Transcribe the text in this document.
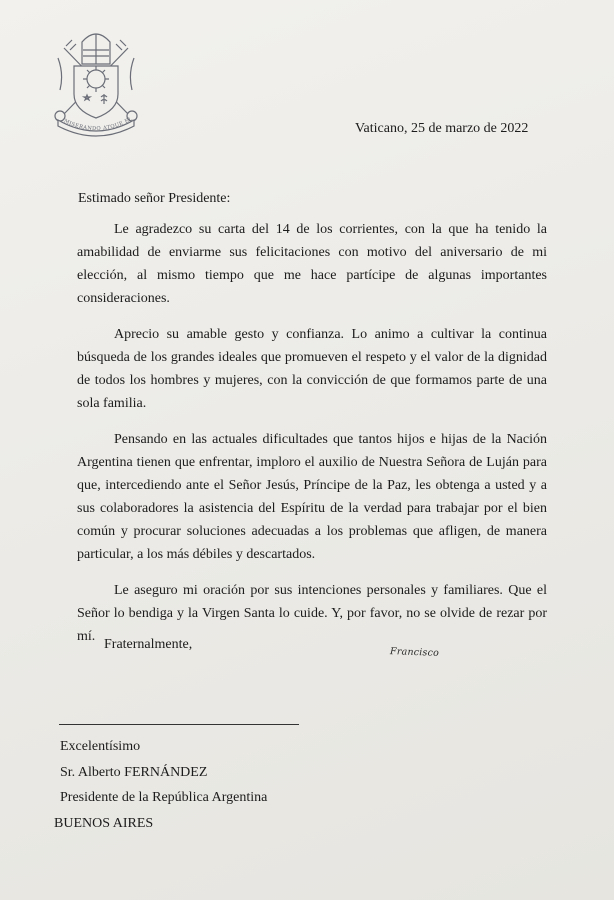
MISERANDO ATQUE EL
Vaticano, 25 de marzo de 2022
Estimado señor Presidente:

Le agradezco su carta del 14 de los corrientes, con la que ha tenido la amabilidad de enviarme sus felicitaciones con motivo del aniversario de mi elección, al mismo tiempo que me hace partícipe de algunas importantes consideraciones.

Aprecio su amable gesto y confianza. Lo animo a cultivar la continua búsqueda de los grandes ideales que promueven el respeto y el valor de la dignidad de todos los hombres y mujeres, con la convicción de que formamos parte de una sola familia.

Pensando en las actuales dificultades que tantos hijos e hijas de la Nación Argentina tienen que enfrentar, imploro el auxilio de Nuestra Señora de Luján para que, intercediendo ante el Señor Jesús, Príncipe de la Paz, les obtenga a usted y a sus colaboradores la asistencia del Espíritu de la verdad para trabajar por el bien común y procurar soluciones adecuadas a los problemas que afligen, de manera particular, a los más débiles y descartados.

Le aseguro mi oración por sus intenciones personales y familiares. Que el Señor lo bendiga y la Virgen Santa lo cuide. Y, por favor, no se olvide de rezar por mí.

Fraternalmente,
Francisco
Excelentísimo
Sr. Alberto FERNÁNDEZ
Presidente de la República Argentina
BUENOS AIRES
